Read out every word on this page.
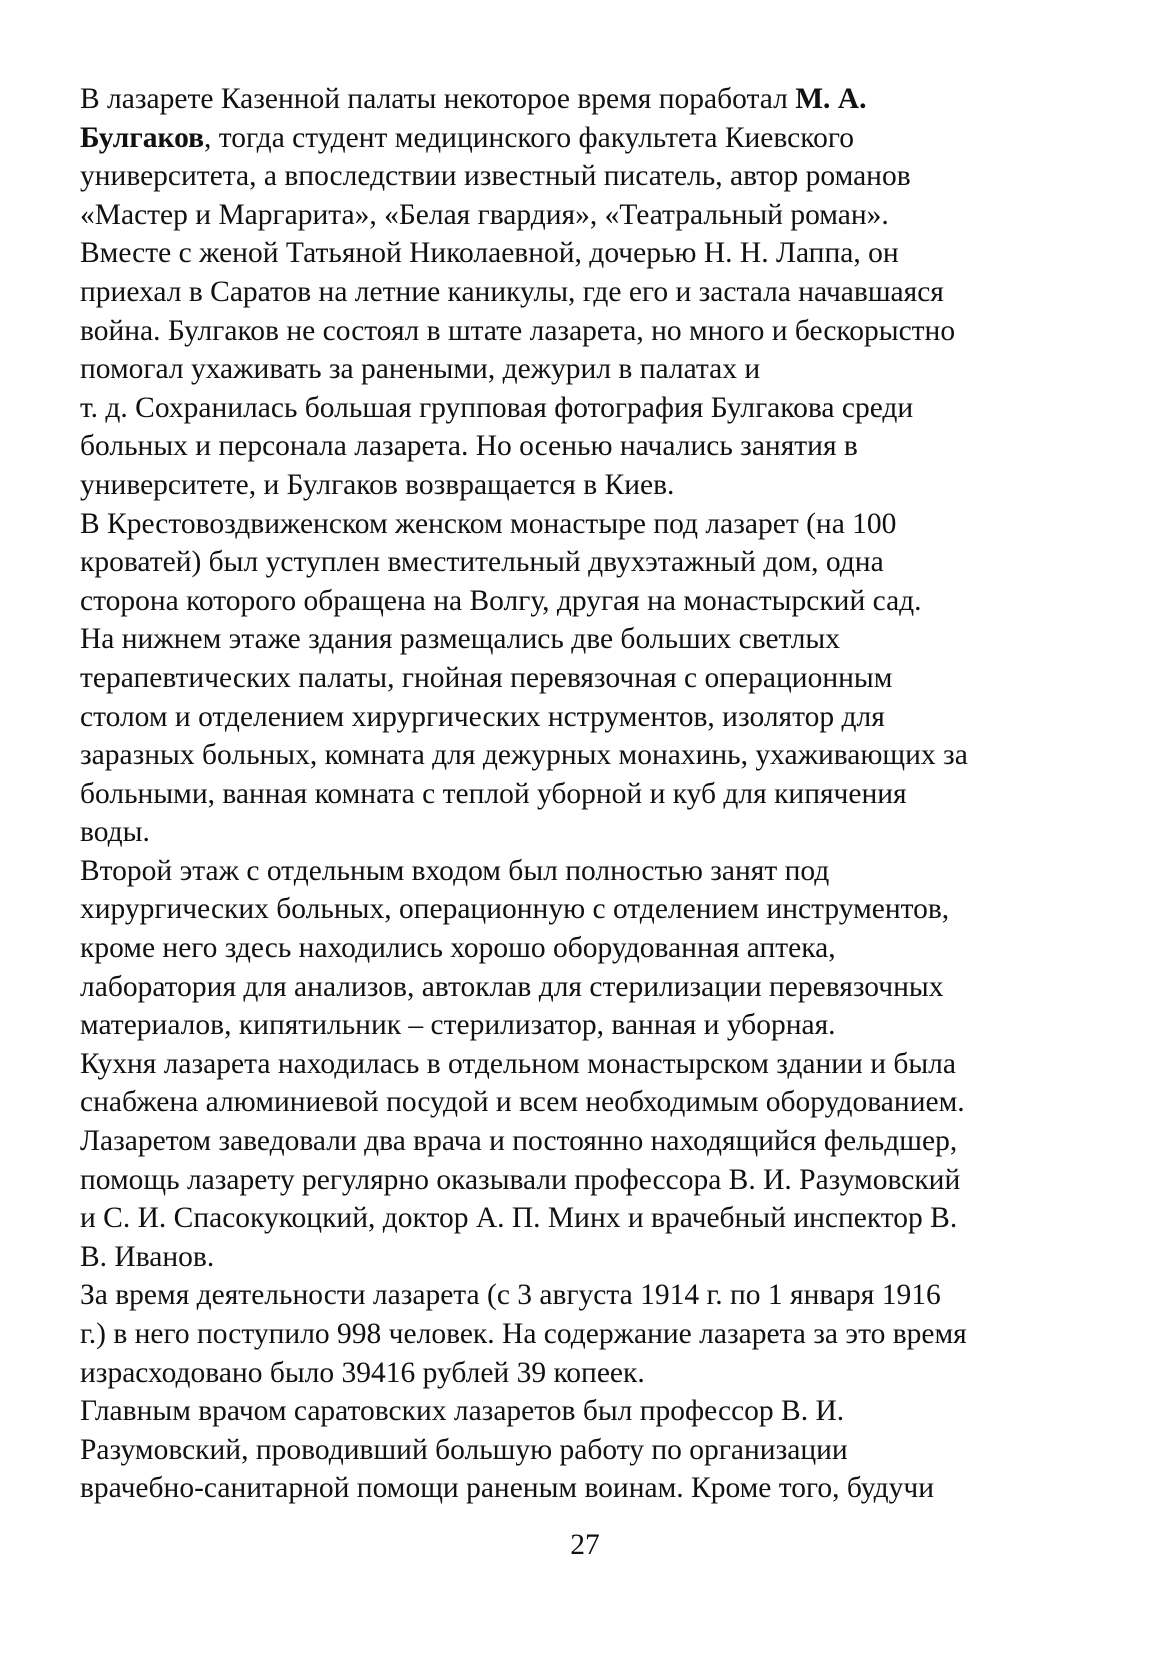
В лазарете Казенной палаты некоторое время поработал М. А.
Булгаков, тогда студент медицинского факультета Киевского
университета, а впоследствии известный писатель, автор романов
«Мастер и Маргарита», «Белая гвардия», «Театральный роман».
Вместе с женой Татьяной Николаевной, дочерью Н. Н. Лаппа, он
приехал в Саратов на летние каникулы, где его и застала начавшаяся
война. Булгаков не состоял в штате лазарета, но много и бескорыстно
помогал ухаживать за ранеными, дежурил в палатах и
т. д. Сохранилась большая групповая фотография Булгакова среди
больных и персонала лазарета. Но осенью начались занятия в
университете, и Булгаков возвращается в Киев.
В Крестовоздвиженском женском монастыре под лазарет (на 100
кроватей) был уступлен вместительный двухэтажный дом, одна
сторона которого обращена на Волгу, другая на монастырский сад.
На нижнем этаже здания размещались две больших светлых
терапевтических палаты, гнойная перевязочная с операционным
столом и отделением хирургических нструментов, изолятор для
заразных больных, комната для дежурных монахинь, ухаживающих за
больными, ванная комната с теплой уборной и куб для кипячения
воды.
Второй этаж с отдельным входом был полностью занят под
хирургических больных, операционную с отделением инструментов,
кроме него здесь находились хорошо оборудованная аптека,
лаборатория для анализов, автоклав для стерилизации перевязочных
материалов, кипятильник – стерилизатор, ванная и уборная.
Кухня лазарета находилась в отдельном монастырском здании и была
снабжена алюминиевой посудой и всем необходимым оборудованием.
Лазаретом заведовали два врача и постоянно находящийся фельдшер,
помощь лазарету регулярно оказывали профессора В. И. Разумовский
и С. И. Спасокукоцкий, доктор А. П. Минх и врачебный инспектор В.
В. Иванов.
За время деятельности лазарета (с 3 августа 1914 г. по 1 января 1916
г.) в него поступило 998 человек. На содержание лазарета за это время
израсходовано было 39416 рублей 39 копеек.
Главным врачом саратовских лазаретов был профессор В. И.
Разумовский, проводивший большую работу по организации
врачебно-санитарной помощи раненым воинам. Кроме того, будучи
27
